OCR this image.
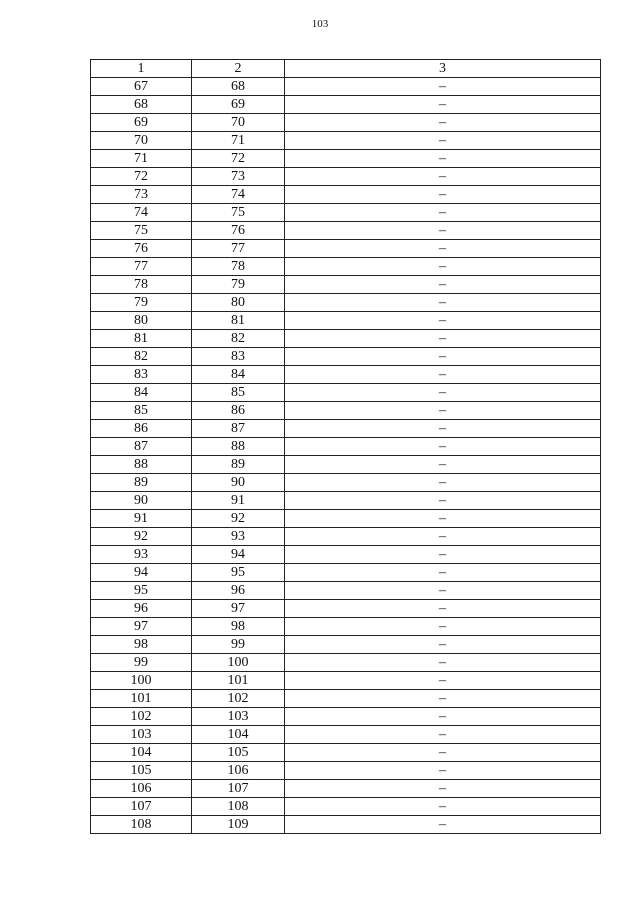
103
1	2	3
67	68	–
68	69	–
69	70	–
70	71	–
71	72	–
72	73	–
73	74	–
74	75	–
75	76	–
76	77	–
77	78	–
78	79	–
79	80	–
80	81	–
81	82	–
82	83	–
83	84	–
84	85	–
85	86	–
86	87	–
87	88	–
88	89	–
89	90	–
90	91	–
91	92	–
92	93	–
93	94	–
94	95	–
95	96	–
96	97	–
97	98	–
98	99	–
99	100	–
100	101	–
101	102	–
102	103	–
103	104	–
104	105	–
105	106	–
106	107	–
107	108	–
108	109	–
